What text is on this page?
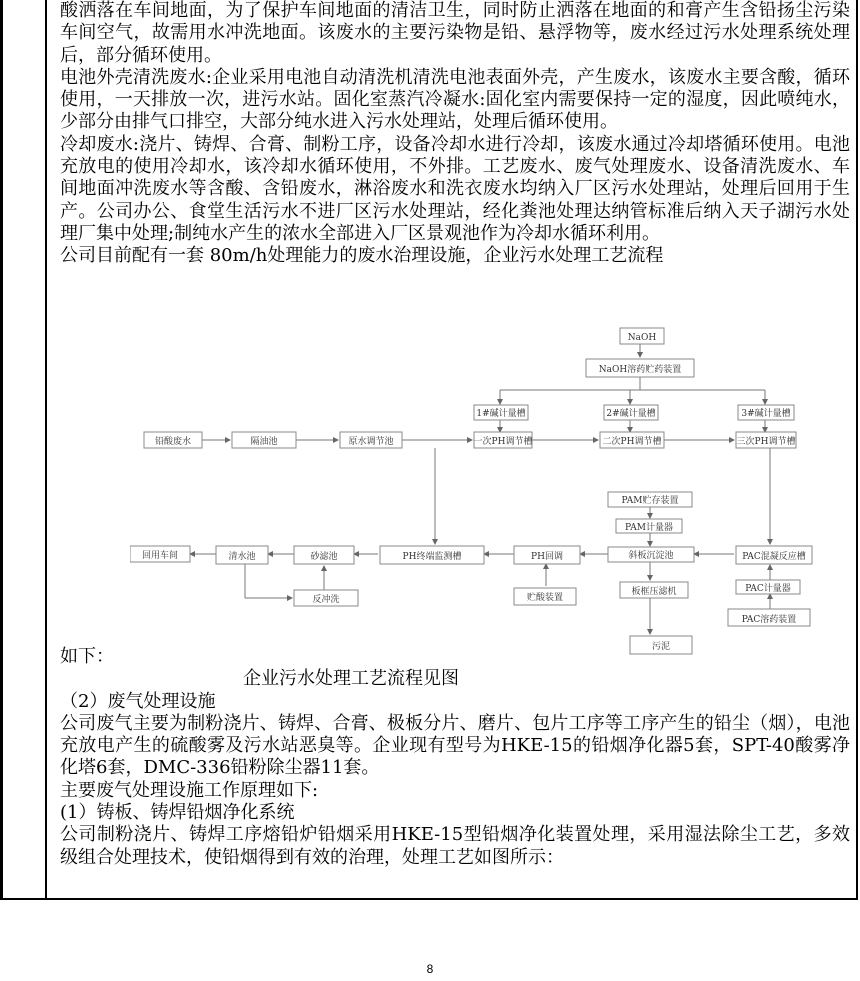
酸洒落在车间地面，为了保护车间地面的清洁卫生，同时防止洒落在地面的和膏产生含铅扬尘污染车间空气，故需用水冲洗地面。该废水的主要污染物是铅、悬浮物等，废水经过污水处理系统处理后，部分循环使用。

电池外壳清洗废水:企业采用电池自动清洗机清洗电池表面外壳，产生废水，该废水主要含酸，循环使用，一天排放一次，进污水站。固化室蒸汽冷凝水:固化室内需要保持一定的湿度，因此喷纯水，少部分由排气口排空，大部分纯水进入污水处理站，处理后循环使用。

冷却废水:浇片、铸焊、合膏、制粉工序，设备冷却水进行冷却，该废水通过冷却塔循环使用。电池充放电的使用冷却水，该冷却水循环使用，不外排。工艺废水、废气处理废水、设备清洗废水、车间地面冲洗废水等含酸、含铅废水，淋浴废水和洗衣废水均纳入厂区污水处理站，处理后回用于生产。公司办公、食堂生活污水不进厂区污水处理站，经化粪池处理达纳管标准后纳入天子湖污水处理厂集中处理;制纯水产生的浓水全部进入厂区景观池作为冷却水循环利用。

公司目前配有一套 80m/h处理能力的废水治理设施，企业污水处理工艺流程

NaOH
NaOH溶药贮药装置
1#碱计量槽	2#碱计量槽	3#碱计量槽
铅酸废水	隔油池	原水调节池	一次PH调节槽	二次PH调节槽	三次PH调节槽
PAM贮存装置
PAM计量器
斜板沉淀池	PAC混凝反应槽
PAC计量器
PAC溶药装置
回用车间	清水池	砂滤池	PH终端监测槽	PH回调
贮酸装置
板框压滤机
反冲洗
污泥

如下：

企业污水处理工艺流程见图

（2）废气处理设施

公司废气主要为制粉浇片、铸焊、合膏、极板分片、磨片、包片工序等工序产生的铅尘（烟），电池充放电产生的硫酸雾及污水站恶臭等。企业现有型号为HKE-15的铅烟净化器5套，SPT-40酸雾净化塔6套，DMC-336铅粉除尘器11套。

主要废气处理设施工作原理如下:

(1）铸板、铸焊铅烟净化系统

公司制粉浇片、铸焊工序熔铅炉铅烟采用HKE-15型铅烟净化装置处理，采用湿法除尘工艺，多效级组合处理技术，使铅烟得到有效的治理，处理工艺如图所示：

8
